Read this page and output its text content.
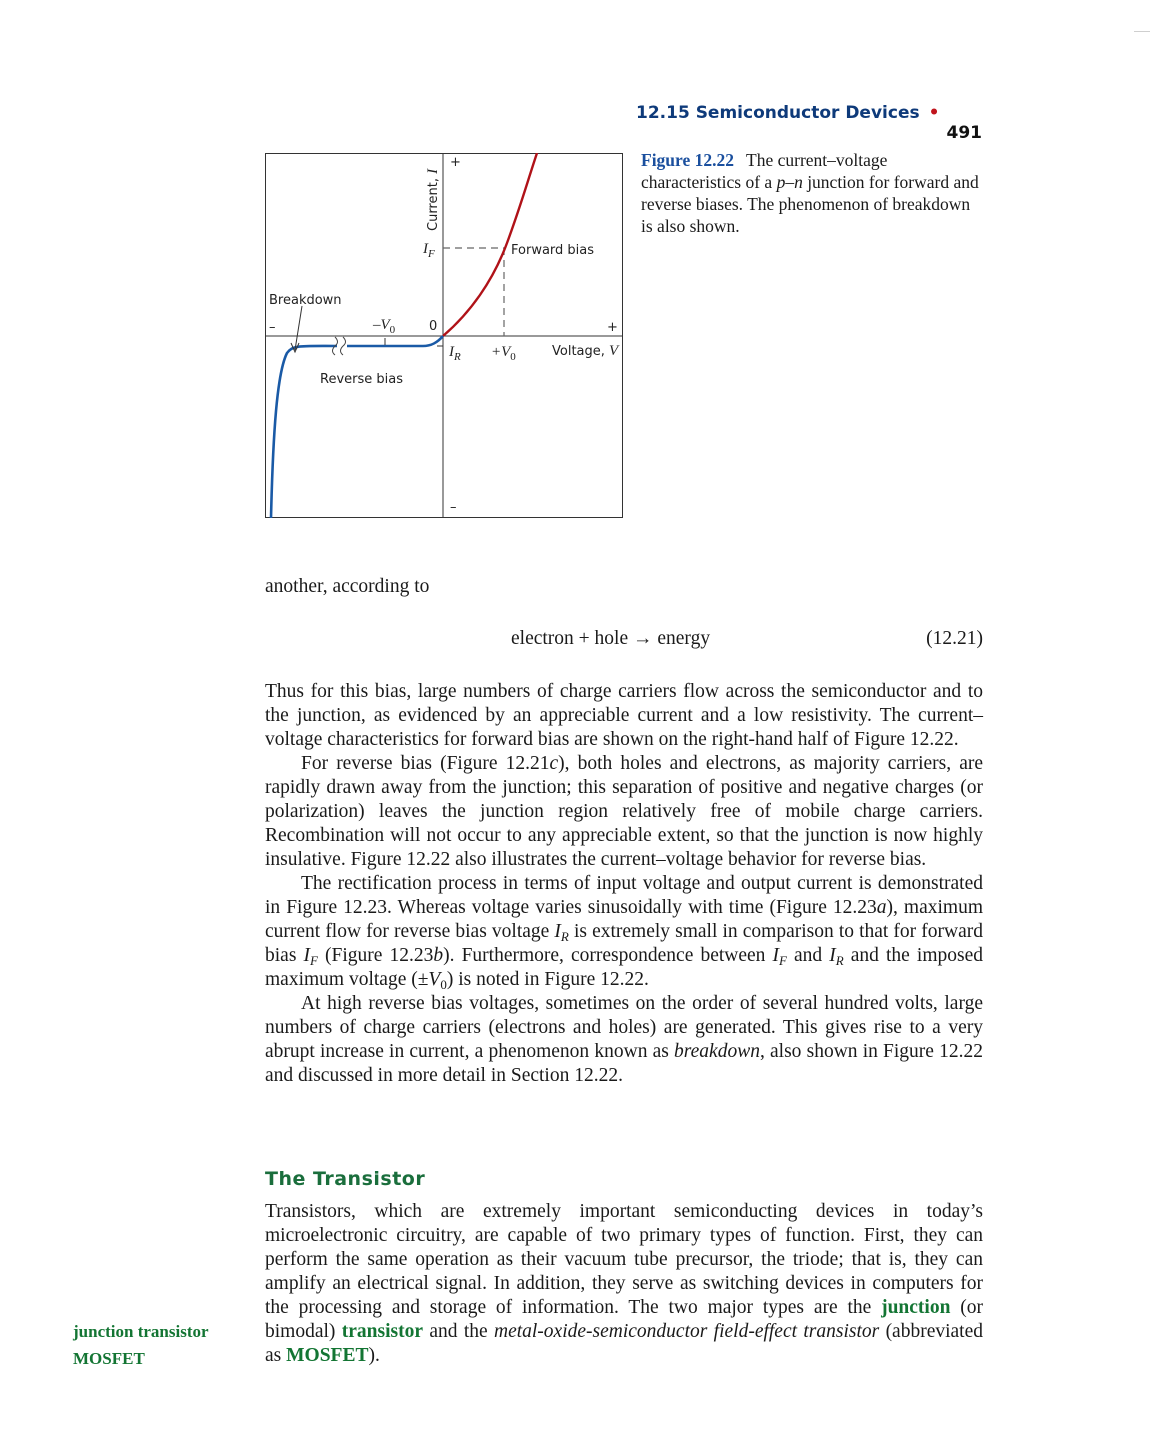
12.15 Semiconductor Devices •
491
+
–
+
–
Current, I
0
$I_F$
$I_R +V_0$
$-V_0$
Voltage, V
Forward bias
Reverse bias
Breakdown
Figure 12.22 The current–voltage characteristics of a p–n junction for forward and reverse biases. The phenomenon of breakdown is also shown.

another, according to

electron + hole → energy	(12.21)

Thus for this bias, large numbers of charge carriers flow across the semiconductor and to the junction, as evidenced by an appreciable current and a low resistivity. The current–voltage characteristics for forward bias are shown on the right-hand half of Figure 12.22.

For reverse bias (Figure 12.21c), both holes and electrons, as majority carriers, are rapidly drawn away from the junction; this separation of positive and negative charges (or polarization) leaves the junction region relatively free of mobile charge carriers. Recombination will not occur to any appreciable extent, so that the junction is now highly insulative. Figure 12.22 also illustrates the current–voltage behavior for reverse bias.

The rectification process in terms of input voltage and output current is demonstrated in Figure 12.23. Whereas voltage varies sinusoidally with time (Figure 12.23a), maximum current flow for reverse bias voltage $I_R$ is extremely small in comparison to that for forward bias $I_F$ (Figure 12.23b). Furthermore, correspondence between $I_F$ and $I_R$ and the imposed maximum voltage $(\pm V_0)$ is noted in Figure 12.22.

At high reverse bias voltages, sometimes on the order of several hundred volts, large numbers of charge carriers (electrons and holes) are generated. This gives rise to a very abrupt increase in current, a phenomenon known as breakdown, also shown in Figure 12.22 and discussed in more detail in Section 12.22.

The Transistor

Transistors, which are extremely important semiconducting devices in today’s microelectronic circuitry, are capable of two primary types of function. First, they can perform the same operation as their vacuum tube precursor, the triode; that is, they can amplify an electrical signal. In addition, they serve as switching devices in computers for the processing and storage of information. The two major types are the junction (or bimodal) transistor and the metal-oxide-semiconductor field-effect transistor (abbreviated as MOSFET).

junction transistor
MOSFET
